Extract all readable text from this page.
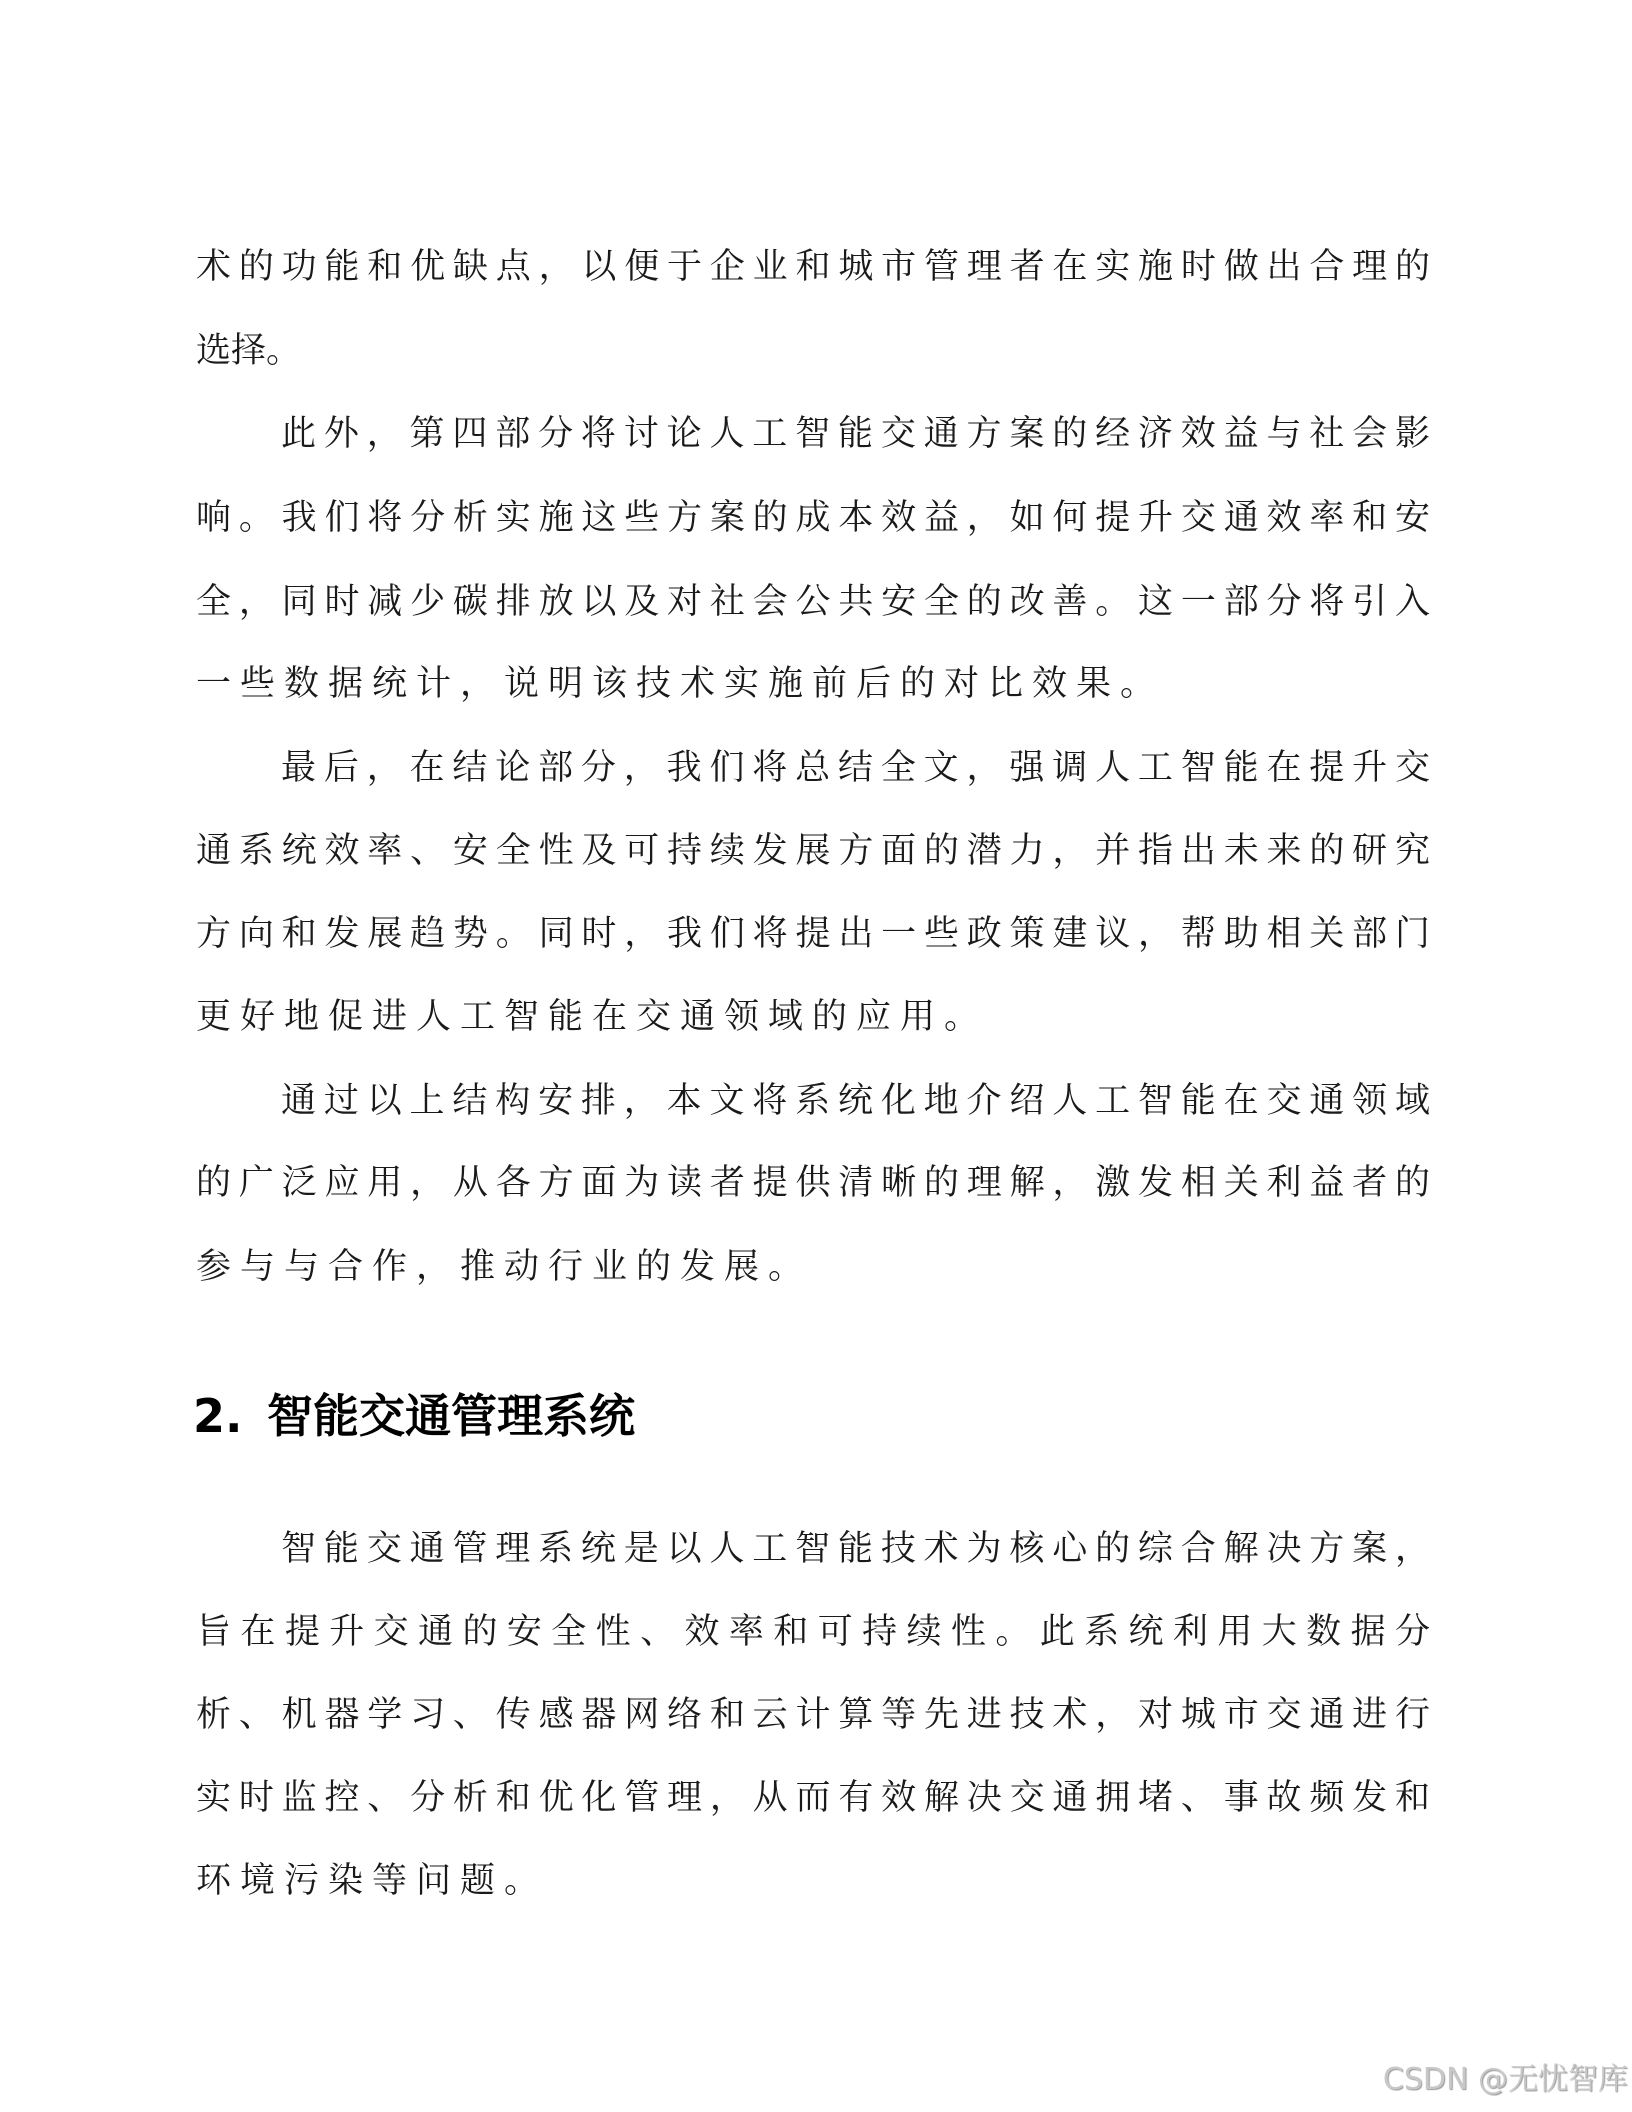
术的功能和优缺点，以便于企业和城市管理者在实施时做出合理的
选择。
此外，第四部分将讨论人工智能交通方案的经济效益与社会影
响。我们将分析实施这些方案的成本效益，如何提升交通效率和安
全，同时减少碳排放以及对社会公共安全的改善。这一部分将引入
一些数据统计，说明该技术实施前后的对比效果。
最后，在结论部分，我们将总结全文，强调人工智能在提升交
通系统效率、安全性及可持续发展方面的潜力，并指出未来的研究
方向和发展趋势。同时，我们将提出一些政策建议，帮助相关部门
更好地促进人工智能在交通领域的应用。
通过以上结构安排，本文将系统化地介绍人工智能在交通领域
的广泛应用，从各方面为读者提供清晰的理解，激发相关利益者的
参与与合作，推动行业的发展。
2. 智能交通管理系统
智能交通管理系统是以人工智能技术为核心的综合解决方案，
旨在提升交通的安全性、效率和可持续性。此系统利用大数据分
析、机器学习、传感器网络和云计算等先进技术，对城市交通进行
实时监控、分析和优化管理，从而有效解决交通拥堵、事故频发和
环境污染等问题。
CSDN @无忧智库
